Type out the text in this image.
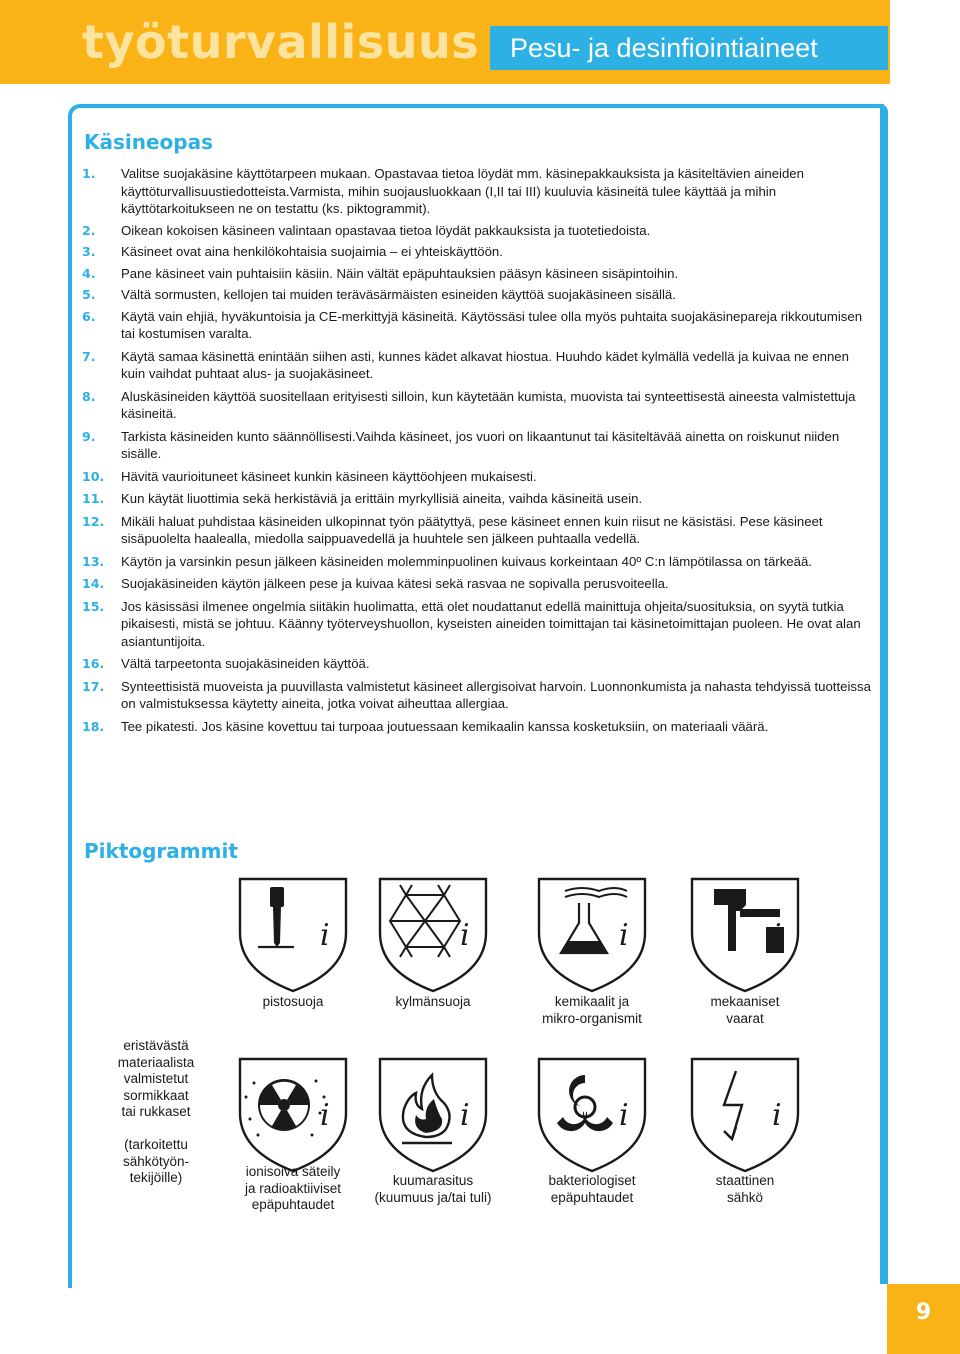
työturvallisuus Pesu- ja desinfiointiaineet
Käsineopas
1.	Valitse suojakäsine käyttötarpeen mukaan. Opastavaa tietoa löydät mm. käsinepakkauksista ja käsiteltävien aineiden käyttöturvallisuustiedotteista.Varmista, mihin suojausluokkaan (I,II tai III) kuuluvia käsineitä tulee käyttää ja mihin käyttötarkoitukseen ne on testattu (ks. piktogrammit).
2.	Oikean kokoisen käsineen valintaan opastavaa tietoa löydät pakkauksista ja tuotetiedoista.
3.	Käsineet ovat aina henkilökohtaisia suojaimia – ei yhteiskäyttöön.
4.	Pane käsineet vain puhtaisiin käsiin. Näin vältät epäpuhtauksien pääsyn käsineen sisäpintoihin.
5.	Vältä sormusten, kellojen tai muiden teräväsärmäisten esineiden käyttöä suojakäsineen sisällä.
6.	Käytä vain ehjiä, hyväkuntoisia ja CE-merkittyjä käsineitä. Käytössäsi tulee olla myös puhtaita suojakäsinepareja rikkoutumisen tai kostumisen varalta.
7.	Käytä samaa käsinettä enintään siihen asti, kunnes kädet alkavat hiostua. Huuhdo kädet kylmällä vedellä ja kuivaa ne ennen kuin vaihdat puhtaat alus- ja suojakäsineet.
8.	Aluskäsineiden käyttöä suositellaan erityisesti silloin, kun käytetään kumista, muovista tai synteettisestä aineesta valmistettuja käsineitä.
9.	Tarkista käsineiden kunto säännöllisesti.Vaihda käsineet, jos vuori on likaantunut tai käsiteltävää ainetta on roiskunut niiden sisälle.
10.	Hävitä vaurioituneet käsineet kunkin käsineen käyttöohjeen mukaisesti.
11.	Kun käytät liuottimia sekä herkistäviä ja erittäin myrkyllisiä aineita, vaihda käsineitä usein.
12.	Mikäli haluat puhdistaa käsineiden ulkopinnat työn päätyttyä, pese käsineet ennen kuin riisut ne käsistäsi. Pese käsineet sisäpuolelta haalealla, miedolla saippuavedellä ja huuhtele sen jälkeen puhtaalla vedellä.
13.	Käytön ja varsinkin pesun jälkeen käsineiden molemminpuolinen kuivaus korkeintaan 40º C:n lämpötilassa on tärkeää.
14.	Suojakäsineiden käytön jälkeen pese ja kuivaa kätesi sekä rasvaa ne sopivalla perusvoiteella.
15.	Jos käsissäsi ilmenee ongelmia siitäkin huolimatta, että olet noudattanut edellä mainittuja ohjeita/suosituksia, on syytä tutkia pikaisesti, mistä se johtuu. Käänny työterveyshuollon, kyseisten aineiden toimittajan tai käsinetoimittajan puoleen. He ovat alan asiantuntijoita.
16.	Vältä tarpeetonta suojakäsineiden käyttöä.
17.	Synteettisistä muoveista ja puuvillasta valmistetut käsineet allergisoivat harvoin. Luonnonkumista ja nahasta tehdyissä tuotteissa on valmistuksessa käytetty aineita, jotka voivat aiheuttaa allergiaa.
18.	Tee pikatesti. Jos käsine kovettuu tai turpoaa joutuessaan kemikaalin kanssa kosketuksiin, on materiaali väärä.
Piktogrammit
i
pistosuoja
i
kylmänsuoja
i
kemikaalit ja
mikro-organismit
i
mekaaniset
vaarat
i
ionisoiva säteily
ja radioaktiiviset
epäpuhtaudet
i
kuumarasitus
(kuumuus ja/tai tuli)
i
bakteriologiset
epäpuhtaudet
i
staattinen
sähkö
eristävästä
materiaalista
valmistetut
sormikkaat
tai rukkaset

(tarkoitettu
sähkötyön-
tekijöille)
9
